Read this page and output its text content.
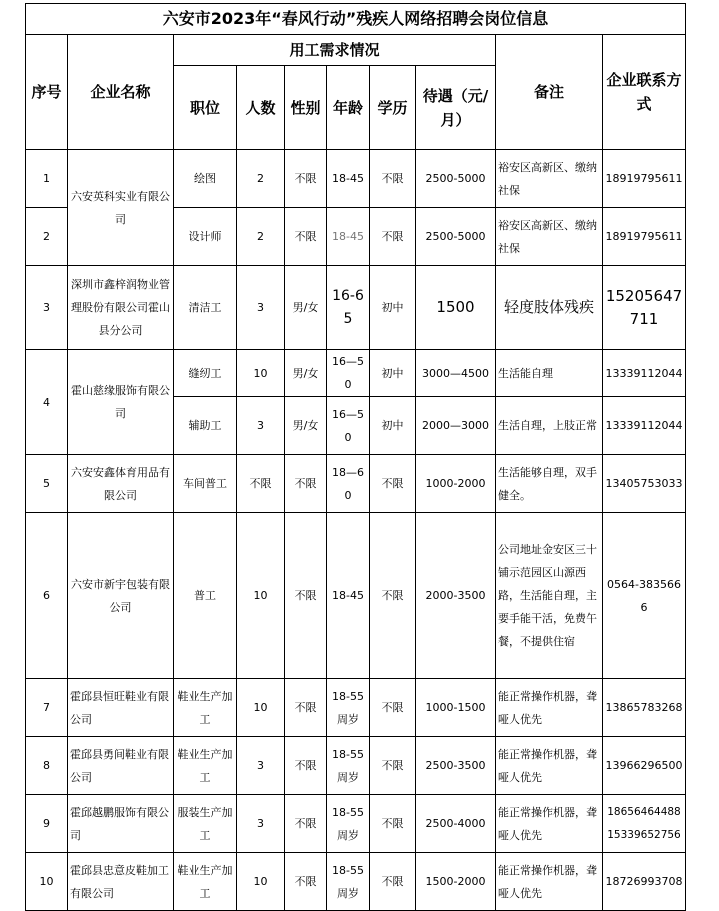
六安市2023年“春风行动”残疾人网络招聘会岗位信息									
序号	企业名称	用工需求情况						备注	企业联系方式
		职位	人数	性别	年龄	学历	待遇（元/月）		
1	六安英科实业有限公司	绘图	2	不限	18-45	不限	2500-5000	裕安区高新区、缴纳社保	18919795611
2		设计师	2	不限	18-45	不限	2500-5000	裕安区高新区、缴纳社保	18919795611
3	深圳市鑫梓润物业管理股份有限公司霍山县分公司	清洁工	3	男/女	16-65	初中	1500	轻度肢体残疾	15205647711
4	霍山慈缘服饰有限公司	缝纫工	10	男/女	16—50	初中	3000—4500	生活能自理	13339112044
		辅助工	3	男/女	16—50	初中	2000—3000	生活自理，上肢正常	13339112044
5	六安安鑫体育用品有限公司	车间普工	不限	不限	18—60	不限	1000-2000	生活能够自理，双手健全。	13405753033
6	六安市新宇包装有限公司	普工	10	不限	18-45	不限	2000-3500	公司地址金安区三十铺示范园区山源西路，生活能自理，主要手能干活，免费午餐，不提供住宿	0564-3835666
7	霍邱县恒旺鞋业有限公司	鞋业生产加工	10	不限	18-55周岁	不限	1000-1500	能正常操作机器，聋哑人优先	13865783268
8	霍邱县勇间鞋业有限公司	鞋业生产加工	3	不限	18-55周岁	不限	2500-3500	能正常操作机器，聋哑人优先	13966296500
9	霍邱越鹏服饰有限公司	服装生产加工	3	不限	18-55周岁	不限	2500-4000	能正常操作机器，聋哑人优先	18656464488
15339652756

10	霍邱县忠意皮鞋加工有限公司	鞋业生产加工	10	不限	18-55周岁	不限	1500-2000	能正常操作机器，聋哑人优先	18726993708
